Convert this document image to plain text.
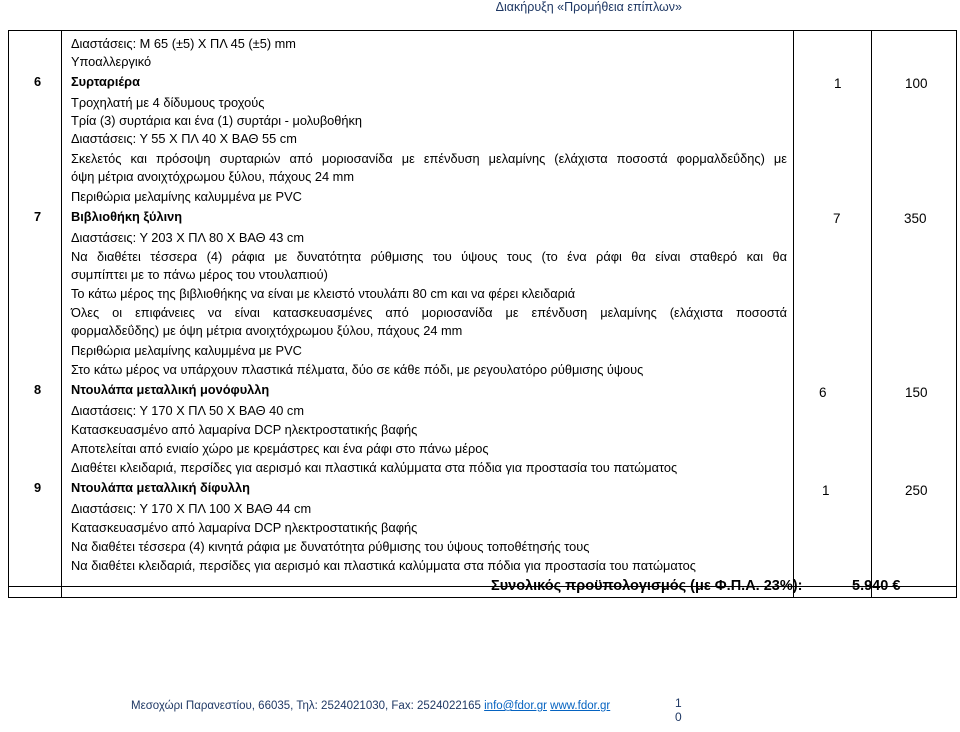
Διακήρυξη «Προμήθεια επίπλων»
Διαστάσεις: Μ 65 (±5) Χ ΠΛ 45 (±5) mm
Υποαλλεργικό
6 Συρταριέρα	1	100
Τροχηλατή με 4 δίδυμους τροχούς
Τρία (3) συρτάρια και ένα (1) συρτάρι - μολυβοθήκη
Διαστάσεις: Υ 55 Χ ΠΛ 40 Χ ΒΑΘ 55 cm
Σκελετός και πρόσοψη συρταριών από μοριοσανίδα με επένδυση μελαμίνης (ελάχιστα ποσοστά φορμαλδεΰδης) με
όψη μέτρια ανοιχτόχρωμου ξύλου, πάχους 24 mm
Περιθώρια μελαμίνης καλυμμένα με PVC
7 Βιβλιοθήκη ξύλινη	7	350
Διαστάσεις: Υ 203 Χ ΠΛ 80 Χ ΒΑΘ 43 cm
Να διαθέτει τέσσερα (4) ράφια με δυνατότητα ρύθμισης του ύψους τους (το ένα ράφι θα είναι σταθερό και θα
συμπίπτει με το πάνω μέρος του ντουλαπιού)
Το κάτω μέρος της βιβλιοθήκης να είναι με κλειστό ντουλάπι 80 cm και να φέρει κλειδαριά
Όλες οι επιφάνειες να είναι κατασκευασμένες από μοριοσανίδα με επένδυση μελαμίνης (ελάχιστα ποσοστά
φορμαλδεΰδης) με όψη μέτρια ανοιχτόχρωμου ξύλου, πάχους 24 mm
Περιθώρια μελαμίνης καλυμμένα με PVC
Στο κάτω μέρος να υπάρχουν πλαστικά πέλματα, δύο σε κάθε πόδι, με ρεγουλατόρο ρύθμισης ύψους
8 Ντουλάπα μεταλλική μονόφυλλη	6	150
Διαστάσεις: Υ 170 Χ ΠΛ 50 Χ ΒΑΘ 40 cm
Κατασκευασμένο από λαμαρίνα DCP ηλεκτροστατικής βαφής
Αποτελείται από ενιαίο χώρο με κρεμάστρες και ένα ράφι στο πάνω μέρος
Διαθέτει κλειδαριά, περσίδες για αερισμό και πλαστικά καλύμματα στα πόδια για προστασία του πατώματος
9 Ντουλάπα μεταλλική δίφυλλη	1	250
Διαστάσεις: Υ 170 Χ ΠΛ 100 Χ ΒΑΘ 44 cm
Κατασκευασμένο από λαμαρίνα DCP ηλεκτροστατικής βαφής
Να διαθέτει τέσσερα (4) κινητά ράφια με δυνατότητα ρύθμισης του ύψους τοποθέτησής τους
Να διαθέτει κλειδαριά, περσίδες για αερισμό και πλαστικά καλύμματα στα πόδια για προστασία του πατώματος
Συνολικός προϋπολογισμός (με Φ.Π.Α. 23%):	5.940 €
Μεσοχώρι Παρανεστίου, 66035, Τηλ: 2524021030, Fax: 2524022165 info@fdor.gr www.fdor.gr	1
0
